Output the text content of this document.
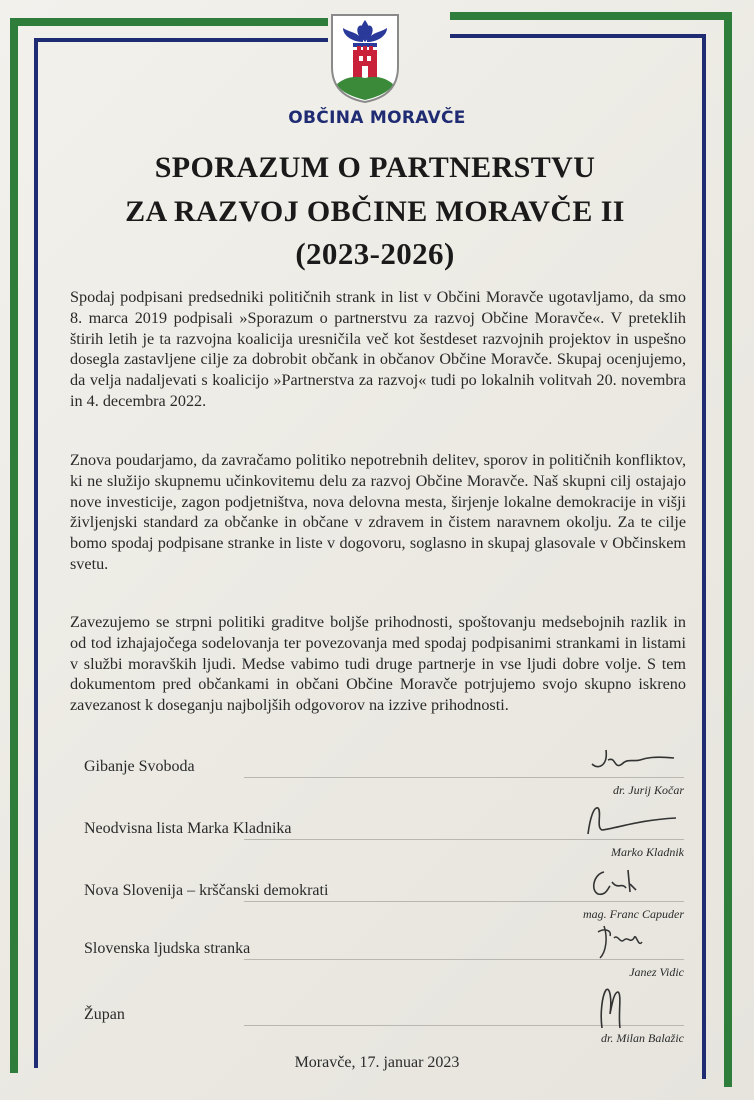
OBČINA MORAVČE
SPORAZUM O PARTNERSTVU
ZA RAZVOJ OBČINE MORAVČE II
(2023-2026)

Spodaj podpisani predsedniki političnih strank in list v Občini Moravče ugotavljamo, da smo 8. marca 2019 podpisali »Sporazum o partnerstvu za razvoj Občine Moravče«. V preteklih štirih letih je ta razvojna koalicija uresničila več kot šestdeset razvojnih projektov in uspešno dosegla zastavljene cilje za dobrobit občank in občanov Občine Moravče. Skupaj ocenjujemo, da velja nadaljevati s koalicijo »Partnerstva za razvoj« tudi po lokalnih volitvah 20. novembra in 4. decembra 2022.

Znova poudarjamo, da zavračamo politiko nepotrebnih delitev, sporov in političnih konfliktov, ki ne služijo skupnemu učinkovitemu delu za razvoj Občine Moravče. Naš skupni cilj ostajajo nove investicije, zagon podjetništva, nova delovna mesta, širjenje lokalne demokracije in višji življenjski standard za občanke in občane v zdravem in čistem naravnem okolju. Za te cilje bomo spodaj podpisane stranke in liste v dogovoru, soglasno in skupaj glasovale v Občinskem svetu.

Zavezujemo se strpni politiki graditve boljše prihodnosti, spoštovanju medsebojnih razlik in od tod izhajajočega sodelovanja ter povezovanja med spodaj podpisanimi strankami in listami v službi moravških ljudi. Medse vabimo tudi druge partnerje in vse ljudi dobre volje. S tem dokumentom pred občankami in občani Občine Moravče potrjujemo svojo skupno iskreno zavezanost k doseganju najboljših odgovorov na izzive prihodnosti.

Gibanje Svoboda
dr. Jurij Kočar
Neodvisna lista Marka Kladnika
Marko Kladnik
Nova Slovenija – krščanski demokrati
mag. Franc Capuder
Slovenska ljudska stranka
Janez Vidic
Župan
dr. Milan Balažic
Moravče, 17. januar 2023
